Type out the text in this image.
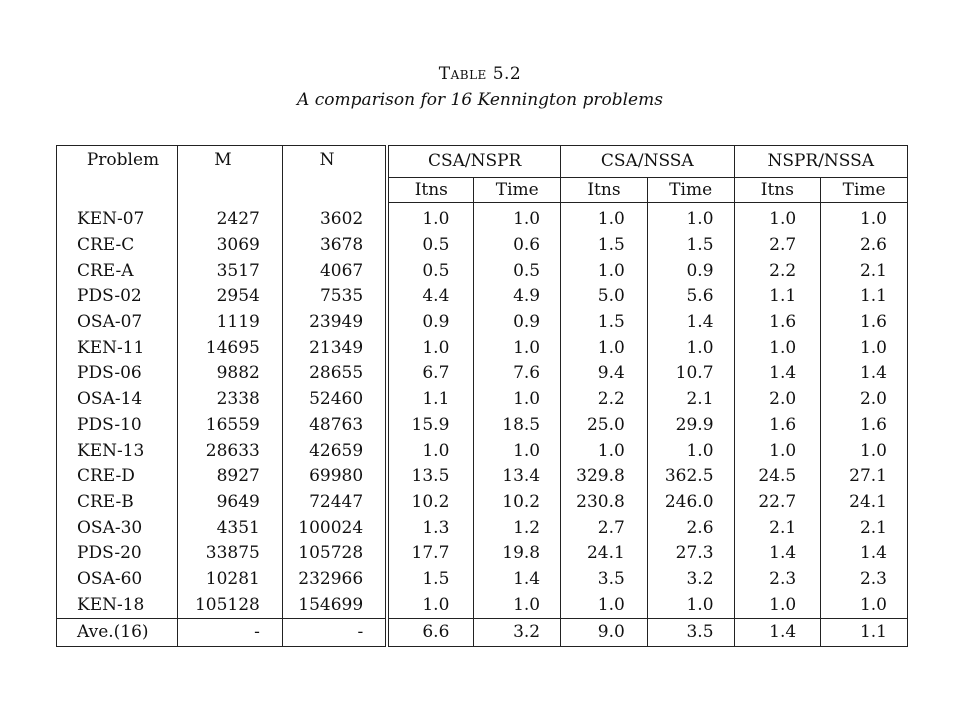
Table 5.2
A comparison for 16 Kennington problems
Problem	M	N	CSA/NSPR		CSA/NSSA		NSPR/NSSA	
			Itns	Time	Itns	Time	Itns	Time
KEN-07	2427	3602	1.0	1.0	1.0	1.0	1.0	1.0
CRE-C	3069	3678	0.5	0.6	1.5	1.5	2.7	2.6
CRE-A	3517	4067	0.5	0.5	1.0	0.9	2.2	2.1
PDS-02	2954	7535	4.4	4.9	5.0	5.6	1.1	1.1
OSA-07	1119	23949	0.9	0.9	1.5	1.4	1.6	1.6
KEN-11	14695	21349	1.0	1.0	1.0	1.0	1.0	1.0
PDS-06	9882	28655	6.7	7.6	9.4	10.7	1.4	1.4
OSA-14	2338	52460	1.1	1.0	2.2	2.1	2.0	2.0
PDS-10	16559	48763	15.9	18.5	25.0	29.9	1.6	1.6
KEN-13	28633	42659	1.0	1.0	1.0	1.0	1.0	1.0
CRE-D	8927	69980	13.5	13.4	329.8	362.5	24.5	27.1
CRE-B	9649	72447	10.2	10.2	230.8	246.0	22.7	24.1
OSA-30	4351	100024	1.3	1.2	2.7	2.6	2.1	2.1
PDS-20	33875	105728	17.7	19.8	24.1	27.3	1.4	1.4
OSA-60	10281	232966	1.5	1.4	3.5	3.2	2.3	2.3
KEN-18	105128	154699	1.0	1.0	1.0	1.0	1.0	1.0
Ave.(16)	-	-	6.6	3.2	9.0	3.5	1.4	1.1
